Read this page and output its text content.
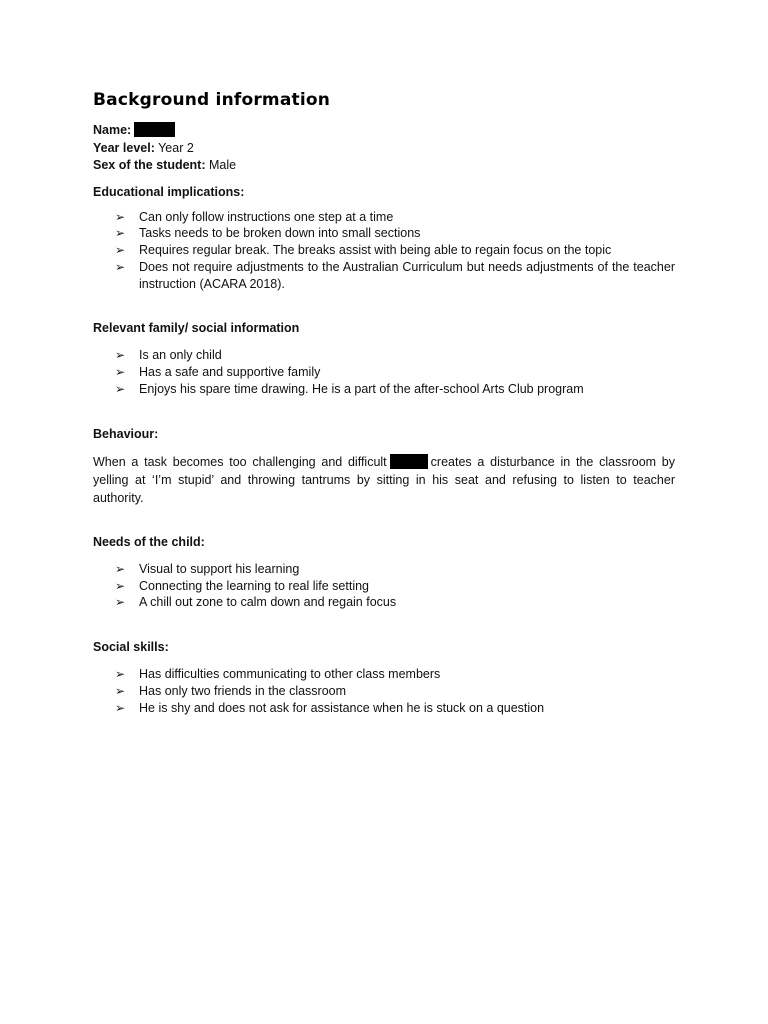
Background information
Name:
Year level: Year 2
Sex of the student: Male

Educational implications:

➢ Can only follow instructions one step at a time
➢ Tasks needs to be broken down into small sections
➢ Requires regular break. The breaks assist with being able to regain focus on the topic
➢ Does not require adjustments to the Australian Curriculum but needs adjustments of the teacher instruction (ACARA 2018).

Relevant family/ social information

➢ Is an only child
➢ Has a safe and supportive family
➢ Enjoys his spare time drawing. He is a part of the after-school Arts Club program

Behaviour:

When a task becomes too challenging and difficult	creates a disturbance in the classroom by yelling at ‘I’m stupid’ and throwing tantrums by sitting in his seat and refusing to listen to teacher authority.

Needs of the child:

➢ Visual to support his learning
➢ Connecting the learning to real life setting
➢ A chill out zone to calm down and regain focus

Social skills:

➢ Has difficulties communicating to other class members
➢ Has only two friends in the classroom
➢ He is shy and does not ask for assistance when he is stuck on a question
